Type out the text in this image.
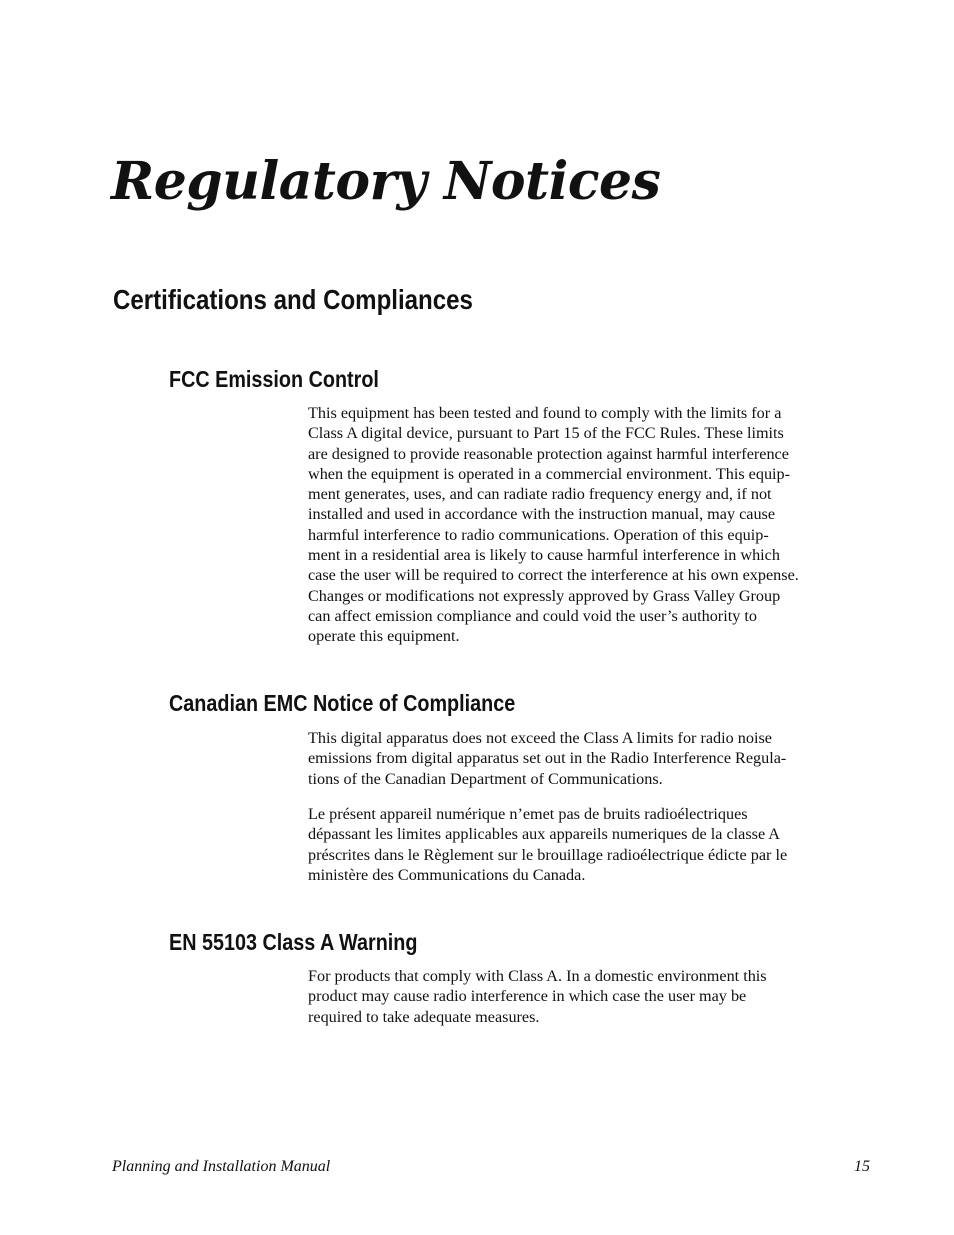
Regulatory Notices
Certifications and Compliances
FCC Emission Control

This equipment has been tested and found to comply with the limits for a
Class A digital device, pursuant to Part 15 of the FCC Rules. These limits
are designed to provide reasonable protection against harmful interference
when the equipment is operated in a commercial environment. This equip-
ment generates, uses, and can radiate radio frequency energy and, if not
installed and used in accordance with the instruction manual, may cause
harmful interference to radio communications. Operation of this equip-
ment in a residential area is likely to cause harmful interference in which
case the user will be required to correct the interference at his own expense.
Changes or modifications not expressly approved by Grass Valley Group
can affect emission compliance and could void the user’s authority to
operate this equipment.

Canadian EMC Notice of Compliance

This digital apparatus does not exceed the Class A limits for radio noise
emissions from digital apparatus set out in the Radio Interference Regula-
tions of the Canadian Department of Communications.

Le présent appareil numérique n’emet pas de bruits radioélectriques
dépassant les limites applicables aux appareils numeriques de la classe A
préscrites dans le Règlement sur le brouillage radioélectrique édicte par le
ministère des Communications du Canada.

EN 55103 Class A Warning

For products that comply with Class A. In a domestic environment this
product may cause radio interference in which case the user may be
required to take adequate measures.

Planning and Installation Manual	15
